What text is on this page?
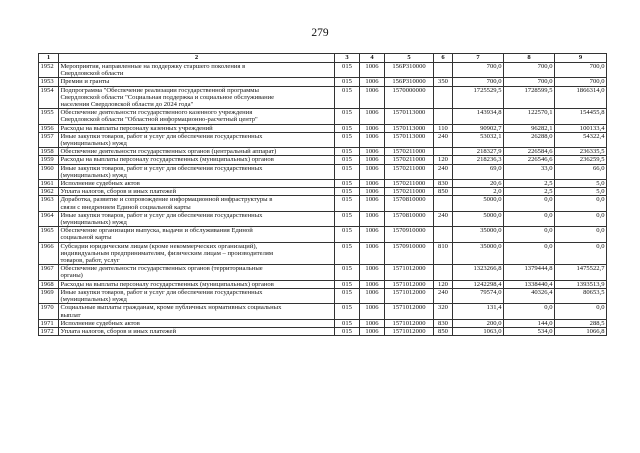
279
1	2	3	4	5	6	7	8	9
1952	Мероприятия, направленные на поддержку старшего поколения в
Свердловской области	015	1006	156P310000		700,0	700,0	700,0
1953	Премии и гранты	015	1006	156P310000	350	700,0	700,0	700,0
1954	Подпрограмма "Обеспечение реализации государственной программы
Свердловской области "Социальная поддержка и социальное обслуживание
населения Свердловской области до 2024 года"	015	1006	1570000000		1725529,5	1728599,5	1866314,0
1955	Обеспечение деятельности государственного казенного учреждения
Свердловской области "Областной информационно-расчетный центр"	015	1006	1570113000		143934,8	122570,1	154455,8
1956	Расходы на выплаты персоналу казенных учреждений	015	1006	1570113000	110	90902,7	96282,1	100133,4
1957	Иные закупки товаров, работ и услуг для обеспечения государственных
(муниципальных) нужд	015	1006	1570113000	240	53032,1	26288,0	54322,4
1958	Обеспечение деятельности государственных органов (центральный аппарат)	015	1006	1570211000		218327,9	226584,6	236335,5
1959	Расходы на выплаты персоналу государственных (муниципальных) органов	015	1006	1570211000	120	218236,3	226546,6	236259,5
1960	Иные закупки товаров, работ и услуг для обеспечения государственных
(муниципальных) нужд	015	1006	1570211000	240	69,0	33,0	66,0
1961	Исполнение судебных актов	015	1006	1570211000	830	20,6	2,5	5,0
1962	Уплата налогов, сборов и иных платежей	015	1006	1570211000	850	2,0	2,5	5,0
1963	Доработка, развитие и сопровождение информационной инфраструктуры в
связи с внедрением Единой социальной карты	015	1006	1570810000		5000,0	0,0	0,0
1964	Иные закупки товаров, работ и услуг для обеспечения государственных
(муниципальных) нужд	015	1006	1570810000	240	5000,0	0,0	0,0
1965	Обеспечение организации выпуска, выдачи и обслуживания Единой
социальной карты	015	1006	1570910000		35000,0	0,0	0,0
1966	Субсидии юридическим лицам (кроме некоммерческих организаций),
индивидуальным предпринимателям, физическим лицам – производителям
товаров, работ, услуг	015	1006	1570910000	810	35000,0	0,0	0,0
1967	Обеспечение деятельности государственных органов (территориальные
органы)	015	1006	1571012000		1323266,8	1379444,8	1475522,7
1968	Расходы на выплаты персоналу государственных (муниципальных) органов	015	1006	1571012000	120	1242298,4	1338440,4	1393513,9
1969	Иные закупки товаров, работ и услуг для обеспечения государственных
(муниципальных) нужд	015	1006	1571012000	240	79574,0	40326,4	80653,5
1970	Социальные выплаты гражданам, кроме публичных нормативных социальных
выплат	015	1006	1571012000	320	131,4	0,0	0,0
1971	Исполнение судебных актов	015	1006	1571012000	830	200,0	144,0	288,5
1972	Уплата налогов, сборов и иных платежей	015	1006	1571012000	850	1063,0	534,0	1066,8
